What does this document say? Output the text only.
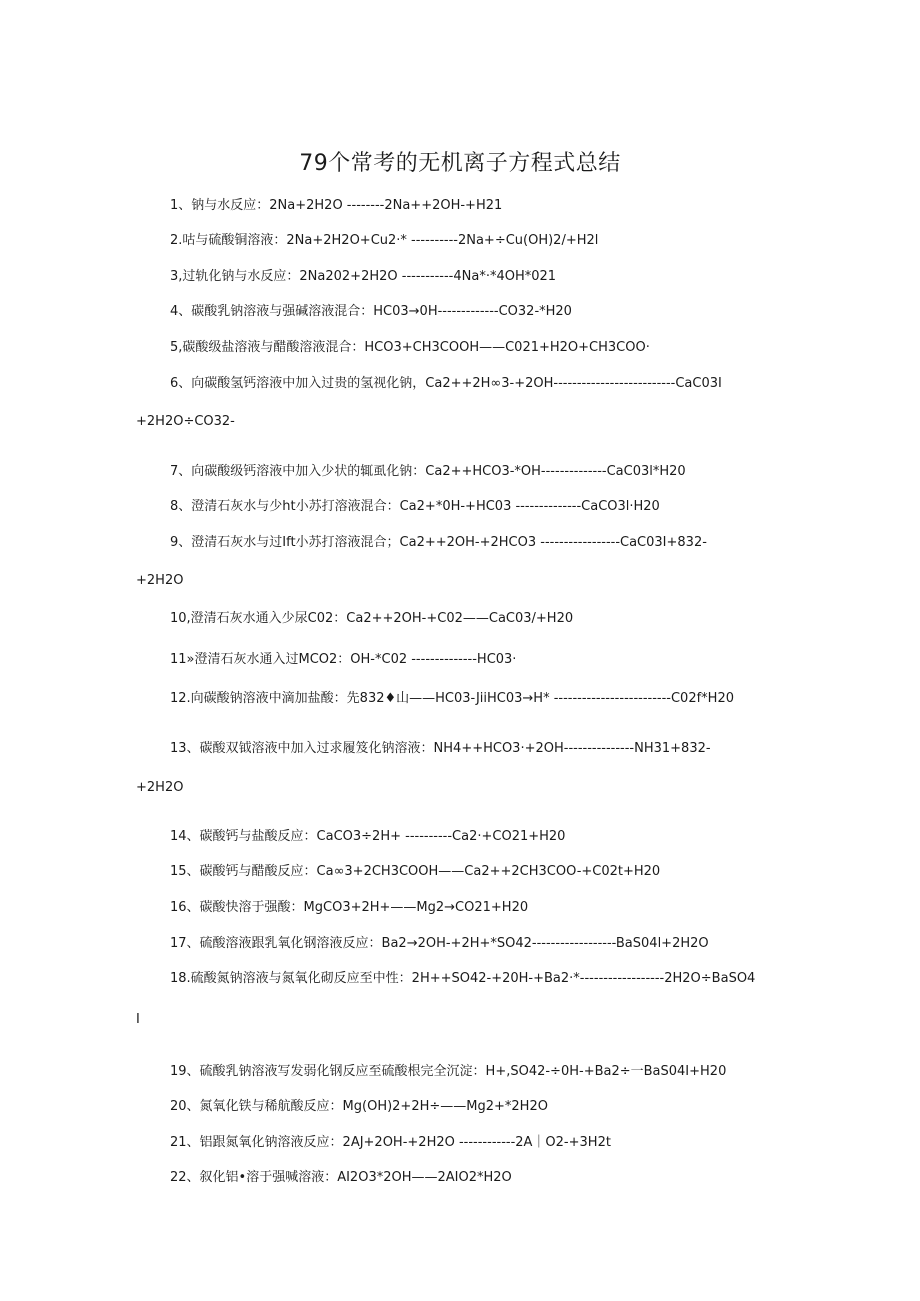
79个常考的无机离子方程式总结
1、钠与水反应：2Na+2H2O --------2Na++2OH-+H21
2.咕与硫酸铜溶液：2Na+2H2O+Cu2·* ----------2Na+÷Cu(OH)2/+H2l
3,过轨化钠与水反应：2Na202+2H2O -----------4Na*·*4OH*021
4、碳酸乳钠溶液与强碱溶液混合：HC03→0H-------------CO32-*H20
5,碳酸级盐溶液与醋酸溶液混合：HCO3+CH3COOH——C021+H2O+CH3COO·
6、向碳酸氢钙溶液中加入过贵的氢视化钠，Ca2++2H∞3-+2OH--------------------------CaC03I
+2H2O÷CO32-
7、向碳酸级钙溶液中加入少状的辄虱化钠：Ca2++HCO3-*OH--------------CaC03l*H20
8、澄清石灰水与少ht小苏打溶液混合：Ca2+*0H-+HC03 --------------CaCO3l·H20
9、澄清石灰水与过Ift小苏打溶液混合；Ca2++2OH-+2HCO3 -----------------CaC03I+832-
+2H2O
10,澄清石灰水通入少尿C02：Ca2++2OH-+C02——CaC03/+H20
11»澄清石灰水通入过MCO2：OH-*C02 --------------HC03·
12.向碳酸钠溶液中滴加盐酸：先832♦山——HC03-JiiHC03→H* -------------------------C02f*H20
13、碳酸双钺溶液中加入过求履笈化钠溶液：NH4++HCO3·+2OH---------------NH31+832-
+2H2O
14、碳酸钙与盐酸反应：CaCO3÷2H+ ----------Ca2·+CO21+H20
15、碳酸钙与醋酸反应：Ca∞3+2CH3COOH——Ca2++2CH3COO-+C02t+H20
16、碳酸快溶于强酸：MgCO3+2H+——Mg2→CO21+H20
17、硫酸溶液跟乳氧化钢溶液反应：Ba2→2OH-+2H+*SO42------------------BaS04l+2H2O
18.硫酸氮钠溶液与氮氧化砌反应至中性：2H++SO42-+20H-+Ba2·*------------------2H2O÷BaSO4
I
19、硫酸乳钠溶液写发弱化钢反应至硫酸根完全沉淀：H+,SO42-÷0H-+Ba2÷一BaS04I+H20
20、氮氧化铁与稀航酸反应：Mg(OH)2+2H÷——Mg2+*2H2O
21、铝跟氮氧化钠溶液反应：2AJ+2OH-+2H2O ------------2A｜O2-+3H2t
22、叙化铝•溶于强喊溶液：AI2O3*2OH——2AIO2*H2O
